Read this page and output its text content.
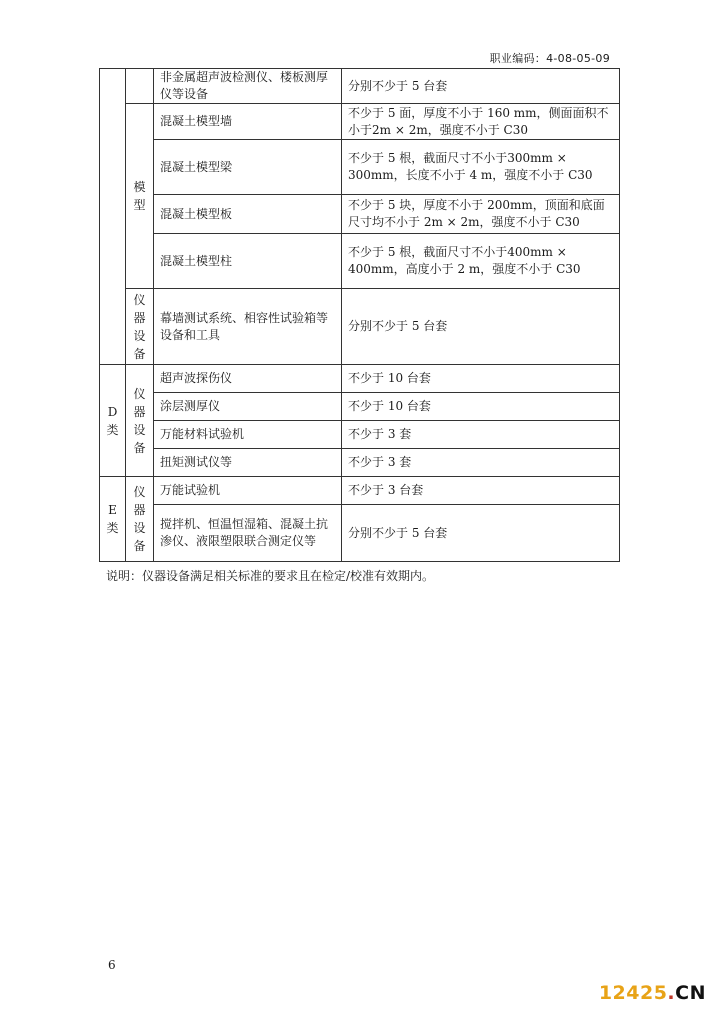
职业编码：4-08-05-09
		非金属超声波检测仪、楼板测厚仪等设备	分别不少于 5 台套
	模型	混凝土模型墙	不少于 5 面，厚度不小于 160 mm，侧面面积不小于2m × 2m，强度不小于 C30
		混凝土模型梁	不少于 5 根，截面尺寸不小于300mm × 300mm，长度不小于 4 m，强度不小于 C30
		混凝土模型板	不少于 5 块，厚度不小于 200mm，顶面和底面尺寸均不小于 2m × 2m，强度不小于 C30
		混凝土模型柱	不少于 5 根，截面尺寸不小于400mm × 400mm，高度小于 2 m，强度不小于 C30
	仪器设备	幕墙测试系统、相容性试验箱等设备和工具	分别不少于 5 台套
D类	仪器设备	超声波探伤仪	不少于 10 台套
		涂层测厚仪	不少于 10 台套
		万能材料试验机	不少于 3 套
		扭矩测试仪等	不少于 3 套
E类	仪器设备	万能试验机	不少于 3 台套
		搅拌机、恒温恒湿箱、混凝土抗渗仪、液限塑限联合测定仪等	分别不少于 5 台套
说明：仪器设备满足相关标准的要求且在检定/校准有效期内。
6
12425.CN
